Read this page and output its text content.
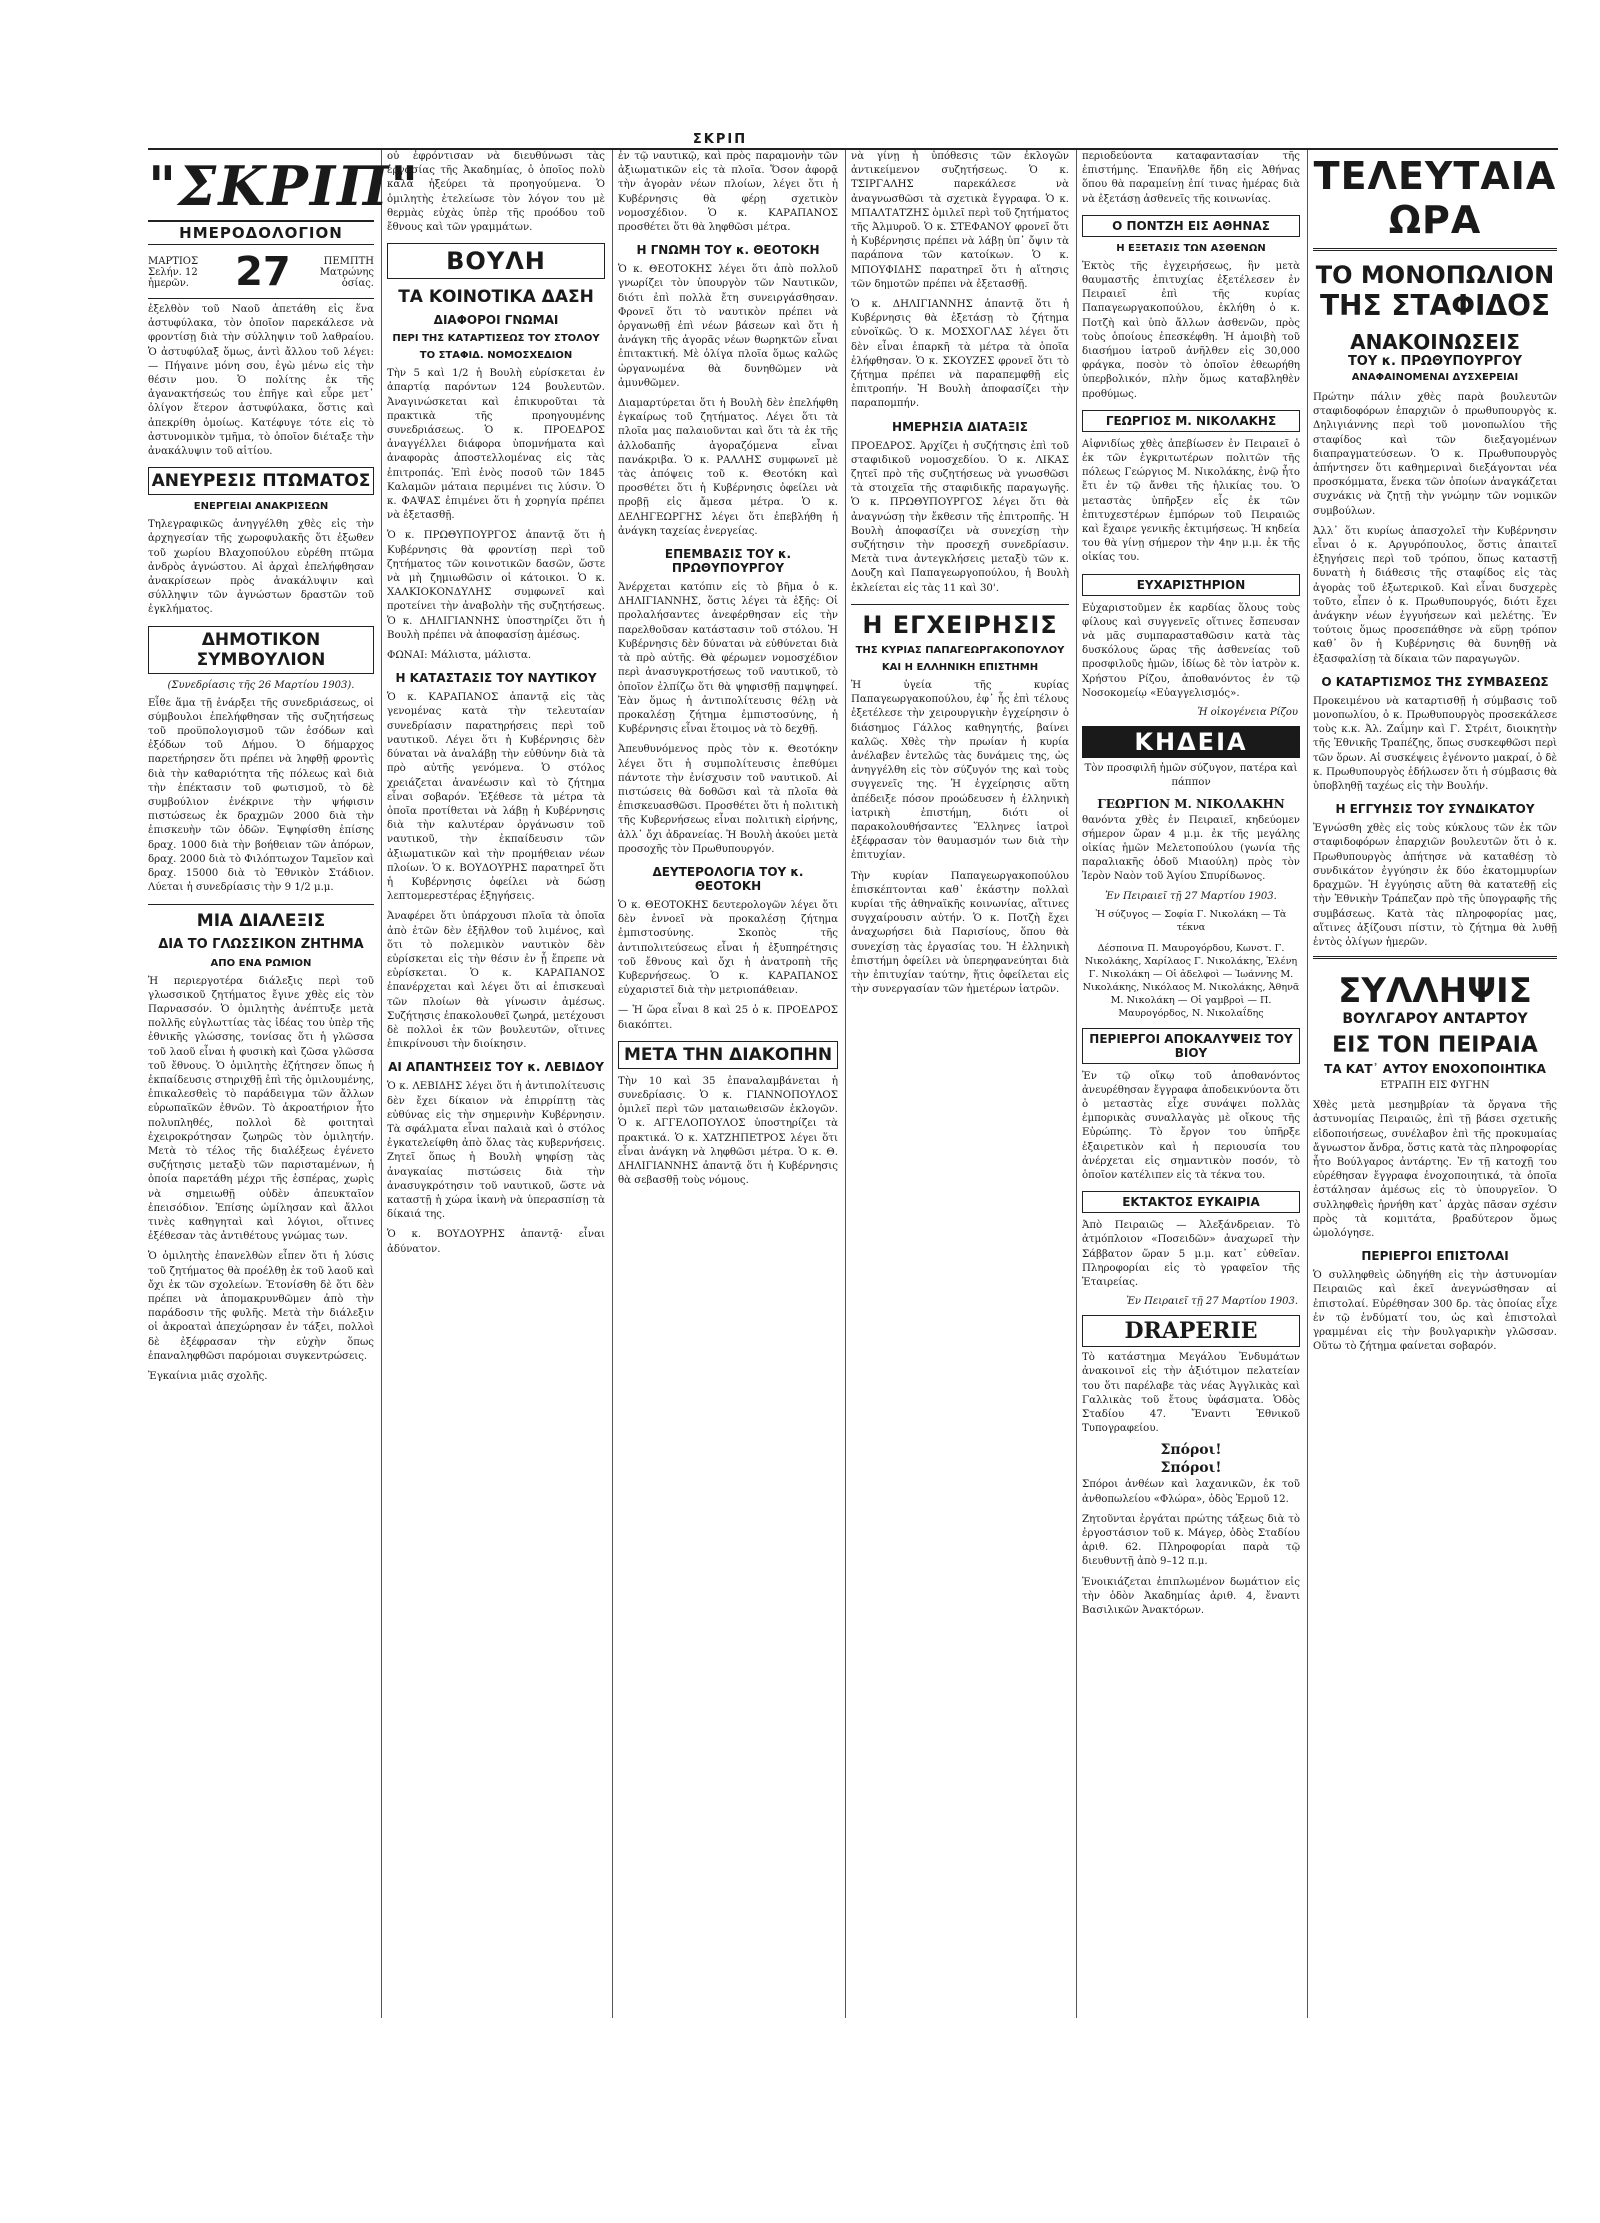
ΣΚΡΙΠ
"ΣΚΡΙΠ"
ΗΜΕΡΟΔΟΛΟΓΙΟΝ
ΜΑΡΤΙΟΣ
Σελήν. 12 ἡμερῶν.	27	ΠΕΜΠΤΗ
Ματρώνης ὁσίας.

ἐξελθὸν τοῦ Ναοῦ ἀπετάθη εἰς ἕνα ἀστυφύλακα, τὸν ὁποῖον παρεκάλεσε νὰ φροντίσῃ διὰ τὴν σύλληψιν τοῦ λαθραίου. Ὁ ἀστυφύλαξ ὅμως, ἀντὶ ἄλλου τοῦ λέγει: — Πήγαινε μόνη σου, ἐγὼ μένω εἰς τὴν θέσιν μου. Ὁ πολίτης ἐκ τῆς ἀγανακτήσεώς του ἐπῆγε καὶ εὗρε μετ᾽ ὀλίγον ἕτερον ἀστυφύλακα, ὅστις καὶ ἀπεκρίθη ὁμοίως. Κατέφυγε τότε εἰς τὸ ἀστυνομικὸν τμῆμα, τὸ ὁποῖον διέταξε τὴν ἀνακάλυψιν τοῦ αἰτίου.

ΑΝΕΥΡΕΣΙΣ ΠΤΩΜΑΤΟΣ
ΕΝΕΡΓΕΙΑΙ ΑΝΑΚΡΙΣΕΩΝ

Τηλεγραφικῶς ἀνηγγέλθη χθὲς εἰς τὴν ἀρχηγεσίαν τῆς χωροφυλακῆς ὅτι ἐξωθεν τοῦ χωρίου Βλαχοπούλου εὑρέθη πτῶμα ἀνδρὸς ἀγνώστου. Αἱ ἀρχαὶ ἐπελήφθησαν ἀνακρίσεων πρὸς ἀνακάλυψιν καὶ σύλληψιν τῶν ἀγνώστων δραστῶν τοῦ ἐγκλήματος.

ΔΗΜΟΤΙΚΟΝ ΣΥΜΒΟΥΛΙΟΝ
(Συνεδρίασις τῆς 26 Μαρτίου 1903).

Εἶθε ἅμα τῇ ἐνάρξει τῆς συνεδριάσεως, οἱ σύμβουλοι ἐπελήφθησαν τῆς συζητήσεως τοῦ προϋπολογισμοῦ τῶν ἐσόδων καὶ ἐξόδων τοῦ Δήμου. Ὁ δήμαρχος παρετήρησεν ὅτι πρέπει νὰ ληφθῇ φροντὶς διὰ τὴν καθαριότητα τῆς πόλεως καὶ διὰ τὴν ἐπέκτασιν τοῦ φωτισμοῦ, τὸ δὲ συμβούλιον ἐνέκρινε τὴν ψήφισιν πιστώσεως ἐκ δραχμῶν 2000 διὰ τὴν ἐπισκευὴν τῶν ὁδῶν. Ἐψηφίσθη ἐπίσης δραχ. 1000 διὰ τὴν βοήθειαν τῶν ἀπόρων, δραχ. 2000 διὰ τὸ Φιλόπτωχον Ταμεῖον καὶ δραχ. 15000 διὰ τὸ Ἐθνικὸν Στάδιον. Λύεται ἡ συνεδρίασις τὴν 9 1/2 μ.μ.

ΜΙΑ ΔΙΑΛΕΞΙΣ
ΔΙΑ ΤΟ ΓΛΩΣΣΙΚΟΝ ΖΗΤΗΜΑ
ΑΠΟ ΕΝΑ ΡΩΜΙΟΝ

Ἡ περιεργοτέρα διάλεξις περὶ τοῦ γλωσσικοῦ ζητήματος ἔγινε χθὲς εἰς τὸν Παρνασσόν. Ὁ ὁμιλητὴς ἀνέπτυξε μετὰ πολλῆς εὐγλωττίας τὰς ἰδέας του ὑπὲρ τῆς ἐθνικῆς γλώσσης, τονίσας ὅτι ἡ γλῶσσα τοῦ λαοῦ εἶναι ἡ φυσικὴ καὶ ζῶσα γλῶσσα τοῦ ἔθνους. Ὁ ὁμιλητὴς ἐζήτησεν ὅπως ἡ ἐκπαίδευσις στηριχθῇ ἐπὶ τῆς ὁμιλουμένης, ἐπικαλεσθεὶς τὸ παράδειγμα τῶν ἄλλων εὐρωπαϊκῶν ἐθνῶν. Τὸ ἀκροατήριον ἦτο πολυπληθές, πολλοὶ δὲ φοιτηταὶ ἐχειροκρότησαν ζωηρῶς τὸν ὁμιλητήν. Μετὰ τὸ τέλος τῆς διαλέξεως ἐγένετο συζήτησις μεταξὺ τῶν παρισταμένων, ἡ ὁποία παρετάθη μέχρι τῆς ἑσπέρας, χωρὶς νὰ σημειωθῇ οὐδὲν ἀπευκταῖον ἐπεισόδιον. Ἐπίσης ὡμίλησαν καὶ ἄλλοι τινὲς καθηγηταὶ καὶ λόγιοι, οἵτινες ἐξέθεσαν τὰς ἀντιθέτους γνώμας των.

Ὁ ὁμιλητὴς ἐπανελθὼν εἶπεν ὅτι ἡ λύσις τοῦ ζητήματος θὰ προέλθῃ ἐκ τοῦ λαοῦ καὶ ὄχι ἐκ τῶν σχολείων. Ἐτονίσθη δὲ ὅτι δὲν πρέπει νὰ ἀπομακρυνθῶμεν ἀπὸ τὴν παράδοσιν τῆς φυλῆς. Μετὰ τὴν διάλεξιν οἱ ἀκροαταὶ ἀπεχώρησαν ἐν τάξει, πολλοὶ δὲ ἐξέφρασαν τὴν εὐχὴν ὅπως ἐπαναληφθῶσι παρόμοιαι συγκεντρώσεις.

Ἐγκαίνια μιᾶς σχολῆς.

οὐ ἐφρόντισαν νὰ διευθύνωσι τὰς ἐργασίας τῆς Ἀκαδημίας, ὁ ὁποῖος πολὺ καλὰ ἠξεύρει τὰ προηγούμενα. Ὁ ὁμιλητὴς ἐτελείωσε τὸν λόγον του μὲ θερμὰς εὐχὰς ὑπὲρ τῆς προόδου τοῦ ἔθνους καὶ τῶν γραμμάτων.

ΒΟΥΛΗ
ΤΑ ΚΟΙΝΟΤΙΚΑ ΔΑΣΗ
ΔΙΑΦΟΡΟΙ ΓΝΩΜΑΙ
ΠΕΡΙ ΤΗΣ ΚΑΤΑΡΤΙΣΕΩΣ ΤΟΥ ΣΤΟΛΟΥ
ΤΟ ΣΤΑΦΙΔ. ΝΟΜΟΣΧΕΔΙΟΝ

Τὴν 5 καὶ 1/2 ἡ Βουλὴ εὑρίσκεται ἐν ἀπαρτίᾳ παρόντων 124 βουλευτῶν. Ἀναγινώσκεται καὶ ἐπικυροῦται τὰ πρακτικὰ τῆς προηγουμένης συνεδριάσεως. Ὁ κ. ΠΡΟΕΔΡΟΣ ἀναγγέλλει διάφορα ὑπομνήματα καὶ ἀναφορὰς ἀποστελλομένας εἰς τὰς ἐπιτροπάς. Ἐπὶ ἑνὸς ποσοῦ τῶν 1845 Καλαμῶν μάταια περιμένει τις λύσιν. Ὁ κ. ΦΑΨΑΣ ἐπιμένει ὅτι ἡ χορηγία πρέπει νὰ ἐξετασθῇ.

Ὁ κ. ΠΡΩΘΥΠΟΥΡΓΟΣ ἀπαντᾷ ὅτι ἡ Κυβέρνησις θὰ φροντίσῃ περὶ τοῦ ζητήματος τῶν κοινοτικῶν δασῶν, ὥστε νὰ μὴ ζημιωθῶσιν οἱ κάτοικοι. Ὁ κ. ΧΑΛΚΙΟΚΟΝΔΥΛΗΣ συμφωνεῖ καὶ προτείνει τὴν ἀναβολὴν τῆς συζητήσεως. Ὁ κ. ΔΗΛΙΓΙΑΝΝΗΣ ὑποστηρίζει ὅτι ἡ Βουλὴ πρέπει νὰ ἀποφασίσῃ ἀμέσως.

ΦΩΝΑΙ: Μάλιστα, μάλιστα.

Η ΚΑΤΑΣΤΑΣΙΣ ΤΟΥ ΝΑΥΤΙΚΟΥ

Ὁ κ. ΚΑΡΑΠΑΝΟΣ ἀπαντᾷ εἰς τὰς γενομένας κατὰ τὴν τελευταίαν συνεδρίασιν παρατηρήσεις περὶ τοῦ ναυτικοῦ. Λέγει ὅτι ἡ Κυβέρνησις δὲν δύναται νὰ ἀναλάβῃ τὴν εὐθύνην διὰ τὰ πρὸ αὐτῆς γενόμενα. Ὁ στόλος χρειάζεται ἀνανέωσιν καὶ τὸ ζήτημα εἶναι σοβαρόν. Ἐξέθεσε τὰ μέτρα τὰ ὁποῖα προτίθεται νὰ λάβῃ ἡ Κυβέρνησις διὰ τὴν καλυτέραν ὀργάνωσιν τοῦ ναυτικοῦ, τὴν ἐκπαίδευσιν τῶν ἀξιωματικῶν καὶ τὴν προμήθειαν νέων πλοίων. Ὁ κ. ΒΟΥΔΟΥΡΗΣ παρατηρεῖ ὅτι ἡ Κυβέρνησις ὀφείλει νὰ δώσῃ λεπτομερεστέρας ἐξηγήσεις.

Ἀναφέρει ὅτι ὑπάρχουσι πλοῖα τὰ ὁποῖα ἀπὸ ἐτῶν δὲν ἐξῆλθον τοῦ λιμένος, καὶ ὅτι τὸ πολεμικὸν ναυτικὸν δὲν εὑρίσκεται εἰς τὴν θέσιν ἐν ᾗ ἔπρεπε νὰ εὑρίσκεται. Ὁ κ. ΚΑΡΑΠΑΝΟΣ ἐπανέρχεται καὶ λέγει ὅτι αἱ ἐπισκευαὶ τῶν πλοίων θὰ γίνωσιν ἀμέσως. Συζήτησις ἐπακολουθεῖ ζωηρά, μετέχουσι δὲ πολλοὶ ἐκ τῶν βουλευτῶν, οἵτινες ἐπικρίνουσι τὴν διοίκησιν.

ΑΙ ΑΠΑΝΤΗΣΕΙΣ ΤΟΥ κ. ΛΕΒΙΔΟΥ

Ὁ κ. ΛΕΒΙΔΗΣ λέγει ὅτι ἡ ἀντιπολίτευσις δὲν ἔχει δίκαιον νὰ ἐπιρρίπτῃ τὰς εὐθύνας εἰς τὴν σημερινὴν Κυβέρνησιν. Τὰ σφάλματα εἶναι παλαιὰ καὶ ὁ στόλος ἐγκατελείφθη ἀπὸ ὅλας τὰς κυβερνήσεις. Ζητεῖ ὅπως ἡ Βουλὴ ψηφίσῃ τὰς ἀναγκαίας πιστώσεις διὰ τὴν ἀνασυγκρότησιν τοῦ ναυτικοῦ, ὥστε νὰ καταστῇ ἡ χώρα ἱκανὴ νὰ ὑπερασπίσῃ τὰ δίκαιά της.

Ὁ κ. ΒΟΥΔΟΥΡΗΣ ἀπαντᾷ· εἶναι ἀδύνατον.

ἐν τῷ ναυτικῷ, καὶ πρὸς παραμονὴν τῶν ἀξιωματικῶν εἰς τὰ πλοῖα. Ὅσον ἀφορᾷ τὴν ἀγορὰν νέων πλοίων, λέγει ὅτι ἡ Κυβέρνησις θὰ φέρῃ σχετικὸν νομοσχέδιον. Ὁ κ. ΚΑΡΑΠΑΝΟΣ προσθέτει ὅτι θὰ ληφθῶσι μέτρα.

Η ΓΝΩΜΗ ΤΟΥ κ. ΘΕΟΤΟΚΗ

Ὁ κ. ΘΕΟΤΟΚΗΣ λέγει ὅτι ἀπὸ πολλοῦ γνωρίζει τὸν ὑπουργὸν τῶν Ναυτικῶν, διότι ἐπὶ πολλὰ ἔτη συνειργάσθησαν. Φρονεῖ ὅτι τὸ ναυτικὸν πρέπει νὰ ὀργανωθῇ ἐπὶ νέων βάσεων καὶ ὅτι ἡ ἀνάγκη τῆς ἀγορᾶς νέων θωρηκτῶν εἶναι ἐπιτακτική. Μὲ ὀλίγα πλοῖα ὅμως καλῶς ὠργανωμένα θὰ δυνηθῶμεν νὰ ἀμυνθῶμεν.

Διαμαρτύρεται ὅτι ἡ Βουλὴ δὲν ἐπελήφθη ἐγκαίρως τοῦ ζητήματος. Λέγει ὅτι τὰ πλοῖα μας παλαιοῦνται καὶ ὅτι τὰ ἐκ τῆς ἀλλοδαπῆς ἀγοραζόμενα εἶναι πανάκριβα. Ὁ κ. ΡΑΛΛΗΣ συμφωνεῖ μὲ τὰς ἀπόψεις τοῦ κ. Θεοτόκη καὶ προσθέτει ὅτι ἡ Κυβέρνησις ὀφείλει νὰ προβῇ εἰς ἄμεσα μέτρα. Ὁ κ. ΔΕΛΗΓΕΩΡΓΗΣ λέγει ὅτι ἐπεβλήθη ἡ ἀνάγκη ταχείας ἐνεργείας.

ΕΠΕΜΒΑΣΙΣ ΤΟΥ κ. ΠΡΩΘΥΠΟΥΡΓΟΥ

Ἀνέρχεται κατόπιν εἰς τὸ βῆμα ὁ κ. ΔΗΛΙΓΙΑΝΝΗΣ, ὅστις λέγει τὰ ἑξῆς: Οἱ προλαλήσαντες ἀνεφέρθησαν εἰς τὴν παρελθοῦσαν κατάστασιν τοῦ στόλου. Ἡ Κυβέρνησις δὲν δύναται νὰ εὐθύνεται διὰ τὰ πρὸ αὐτῆς. Θὰ φέρωμεν νομοσχέδιον περὶ ἀνασυγκροτήσεως τοῦ ναυτικοῦ, τὸ ὁποῖον ἐλπίζω ὅτι θὰ ψηφισθῇ παμψηφεί. Ἐὰν ὅμως ἡ ἀντιπολίτευσις θέλῃ νὰ προκαλέσῃ ζήτημα ἐμπιστοσύνης, ἡ Κυβέρνησις εἶναι ἕτοιμος νὰ τὸ δεχθῇ.

Ἀπευθυνόμενος πρὸς τὸν κ. Θεοτόκην λέγει ὅτι ἡ συμπολίτευσις ἐπεθύμει πάντοτε τὴν ἐνίσχυσιν τοῦ ναυτικοῦ. Αἱ πιστώσεις θὰ δοθῶσι καὶ τὰ πλοῖα θὰ ἐπισκευασθῶσι. Προσθέτει ὅτι ἡ πολιτικὴ τῆς Κυβερνήσεως εἶναι πολιτικὴ εἰρήνης, ἀλλ᾽ ὄχι ἀδρανείας. Ἡ Βουλὴ ἀκούει μετὰ προσοχῆς τὸν Πρωθυπουργόν.

ΔΕΥΤΕΡΟΛΟΓΙΑ ΤΟΥ κ. ΘΕΟΤΟΚΗ

Ὁ κ. ΘΕΟΤΟΚΗΣ δευτερολογῶν λέγει ὅτι δὲν ἐννοεῖ νὰ προκαλέσῃ ζήτημα ἐμπιστοσύνης. Σκοπὸς τῆς ἀντιπολιτεύσεως εἶναι ἡ ἐξυπηρέτησις τοῦ ἔθνους καὶ ὄχι ἡ ἀνατροπὴ τῆς Κυβερνήσεως. Ὁ κ. ΚΑΡΑΠΑΝΟΣ εὐχαριστεῖ διὰ τὴν μετριοπάθειαν.

— Ἡ ὥρα εἶναι 8 καὶ 25 ὁ κ. ΠΡΟΕΔΡΟΣ διακόπτει.

ΜΕΤΑ ΤΗΝ ΔΙΑΚΟΠΗΝ

Τὴν 10 καὶ 35 ἐπαναλαμβάνεται ἡ συνεδρίασις. Ὁ κ. ΓΙΑΝΝΟΠΟΥΛΟΣ ὁμιλεῖ περὶ τῶν ματαιωθεισῶν ἐκλογῶν. Ὁ κ. ΑΓΓΕΛΟΠΟΥΛΟΣ ὑποστηρίζει τὰ πρακτικά. Ὁ κ. ΧΑΤΖΗΠΕΤΡΟΣ λέγει ὅτι εἶναι ἀνάγκη νὰ ληφθῶσι μέτρα. Ὁ κ. Θ. ΔΗΛΙΓΙΑΝΝΗΣ ἀπαντᾷ ὅτι ἡ Κυβέρνησις θὰ σεβασθῇ τοὺς νόμους.

νὰ γίνῃ ἡ ὑπόθεσις τῶν ἐκλογῶν ἀντικείμενον συζητήσεως. Ὁ κ. ΤΣΙΡΓΑΛΗΣ παρεκάλεσε νὰ ἀναγνωσθῶσι τὰ σχετικὰ ἔγγραφα. Ὁ κ. ΜΠΑΛΤΑΤΖΗΣ ὁμιλεῖ περὶ τοῦ ζητήματος τῆς Ἀλμυροῦ. Ὁ κ. ΣΤΕΦΑΝΟΥ φρονεῖ ὅτι ἡ Κυβέρνησις πρέπει νὰ λάβῃ ὑπ᾽ ὄψιν τὰ παράπονα τῶν κατοίκων. Ὁ κ. ΜΠΟΥΦΙΔΗΣ παρατηρεῖ ὅτι ἡ αἴτησις τῶν δημοτῶν πρέπει νὰ ἐξετασθῇ.

Ὁ κ. ΔΗΛΙΓΙΑΝΝΗΣ ἀπαντᾷ ὅτι ἡ Κυβέρνησις θὰ ἐξετάσῃ τὸ ζήτημα εὐνοϊκῶς. Ὁ κ. ΜΟΣΧΟΓΛΑΣ λέγει ὅτι δὲν εἶναι ἐπαρκῆ τὰ μέτρα τὰ ὁποῖα ἐλήφθησαν. Ὁ κ. ΣΚΟΥΖΕΣ φρονεῖ ὅτι τὸ ζήτημα πρέπει νὰ παραπεμφθῇ εἰς ἐπιτροπήν. Ἡ Βουλὴ ἀποφασίζει τὴν παραπομπήν.

ΗΜΕΡΗΣΙΑ ΔΙΑΤΑΞΙΣ

ΠΡΟΕΔΡΟΣ. Ἀρχίζει ἡ συζήτησις ἐπὶ τοῦ σταφιδικοῦ νομοσχεδίου. Ὁ κ. ΛΙΚΑΣ ζητεῖ πρὸ τῆς συζητήσεως νὰ γνωσθῶσι τὰ στοιχεῖα τῆς σταφιδικῆς παραγωγῆς. Ὁ κ. ΠΡΩΘΥΠΟΥΡΓΟΣ λέγει ὅτι θὰ ἀναγνώσῃ τὴν ἔκθεσιν τῆς ἐπιτροπῆς. Ἡ Βουλὴ ἀποφασίζει νὰ συνεχίσῃ τὴν συζήτησιν τὴν προσεχῆ συνεδρίασιν. Μετὰ τινα ἀντεγκλήσεις μεταξὺ τῶν κ. Δουζη καὶ Παπαγεωργοπούλου, ἡ Βουλὴ ἐκλείεται εἰς τὰς 11 καὶ 30'.

Η ΕΓΧΕΙΡΗΣΙΣ
ΤΗΣ ΚΥΡΙΑΣ ΠΑΠΑΓΕΩΡΓΑΚΟΠΟΥΛΟΥ
ΚΑΙ Η ΕΛΛΗΝΙΚΗ ΕΠΙΣΤΗΜΗ

Ἡ ὑγεία τῆς κυρίας Παπαγεωργακοπούλου, ἐφ᾽ ἧς ἐπὶ τέλους ἐξετέλεσε τὴν χειρουργικὴν ἐγχείρησιν ὁ διάσημος Γάλλος καθηγητής, βαίνει καλῶς. Χθὲς τὴν πρωίαν ἡ κυρία ἀνέλαβεν ἐντελῶς τὰς δυνάμεις της, ὡς ἀνηγγέλθη εἰς τὸν σύζυγόν της καὶ τοὺς συγγενεῖς της. Ἡ ἐγχείρησις αὕτη ἀπέδειξε πόσον προώδευσεν ἡ ἑλληνικὴ ἰατρικὴ ἐπιστήμη, διότι οἱ παρακολουθήσαντες Ἕλληνες ἰατροὶ ἐξέφρασαν τὸν θαυμασμόν των διὰ τὴν ἐπιτυχίαν.

Τὴν κυρίαν Παπαγεωργακοπούλου ἐπισκέπτονται καθ᾽ ἑκάστην πολλαὶ κυρίαι τῆς ἀθηναϊκῆς κοινωνίας, αἵτινες συγχαίρουσιν αὐτήν. Ὁ κ. Ποτζὴ ἔχει ἀναχωρήσει διὰ Παρισίους, ὅπου θὰ συνεχίσῃ τὰς ἐργασίας του. Ἡ ἑλληνικὴ ἐπιστήμη ὀφείλει νὰ ὑπερηφανεύηται διὰ τὴν ἐπιτυχίαν ταύτην, ἥτις ὀφείλεται εἰς τὴν συνεργασίαν τῶν ἡμετέρων ἰατρῶν.

περιοδεύοντα καταφαντασίαν τῆς ἐπιστήμης. Ἐπανῆλθε ἤδη εἰς Ἀθήνας ὅπου θὰ παραμείνῃ ἐπί τινας ἡμέρας διὰ νὰ ἐξετάσῃ ἀσθενεῖς τῆς κοινωνίας.

Ο ΠΟΝΤΖΗ ΕΙΣ ΑΘΗΝΑΣ
Η ΕΞΕΤΑΣΙΣ ΤΩΝ ΑΣΘΕΝΩΝ

Ἐκτὸς τῆς ἐγχειρήσεως, ἣν μετὰ θαυμαστῆς ἐπιτυχίας ἐξετέλεσεν ἐν Πειραιεῖ ἐπὶ τῆς κυρίας Παπαγεωργακοπούλου, ἐκλήθη ὁ κ. Ποτζὴ καὶ ὑπὸ ἄλλων ἀσθενῶν, πρὸς τοὺς ὁποίους ἐπεσκέφθη. Ἡ ἀμοιβὴ τοῦ διασήμου ἰατροῦ ἀνῆλθεν εἰς 30,000 φράγκα, ποσὸν τὸ ὁποῖον ἐθεωρήθη ὑπερβολικόν, πλὴν ὅμως καταβληθὲν προθύμως.

ΓΕΩΡΓΙΟΣ Μ. ΝΙΚΟΛΑΚΗΣ

Αἰφνιδίως χθὲς ἀπεβίωσεν ἐν Πειραιεῖ ὁ ἐκ τῶν ἐγκριτωτέρων πολιτῶν τῆς πόλεως Γεώργιος Μ. Νικολάκης, ἐνῷ ἦτο ἔτι ἐν τῷ ἄνθει τῆς ἡλικίας του. Ὁ μεταστὰς ὑπῆρξεν εἷς ἐκ τῶν ἐπιτυχεστέρων ἐμπόρων τοῦ Πειραιῶς καὶ ἔχαιρε γενικῆς ἐκτιμήσεως. Ἡ κηδεία του θὰ γίνῃ σήμερον τὴν 4ην μ.μ. ἐκ τῆς οἰκίας του.

ΕΥΧΑΡΙΣΤΗΡΙΟΝ

Εὐχαριστοῦμεν ἐκ καρδίας ὅλους τοὺς φίλους καὶ συγγενεῖς οἵτινες ἔσπευσαν νὰ μᾶς συμπαρασταθῶσιν κατὰ τὰς δυσκόλους ὥρας τῆς ἀσθενείας τοῦ προσφιλοῦς ἡμῶν, ἰδίως δὲ τὸν ἰατρὸν κ. Χρήστου Ρίζου, ἀποθανόντος ἐν τῷ Νοσοκομείῳ «Εὐαγγελισμός».

Ἡ οἰκογένεια Ρίζου
ΚΗΔΕΙΑ

Τὸν προσφιλῆ ἡμῶν σύζυγον, πατέρα καὶ πάππον

ΓΕΩΡΓΙΟΝ Μ. ΝΙΚΟΛΑΚΗΝ

θανόντα χθὲς ἐν Πειραιεῖ, κηδεύομεν σήμερον ὥραν 4 μ.μ. ἐκ τῆς μεγάλης οἰκίας ἡμῶν Μελετοπούλου (γωνία τῆς παραλιακῆς ὁδοῦ Μιαούλη) πρὸς τὸν Ἱερὸν Ναὸν τοῦ Ἁγίου Σπυρίδωνος.

Ἐν Πειραιεῖ τῇ 27 Μαρτίου 1903.
Ἡ σύζυγος — Σοφία Γ. Νικολάκη — Τὰ τέκνα
Δέσποινα Π. Μαυρογόρδου, Κωνστ. Γ. Νικολάκης, Χαρίλαος Γ. Νικολάκης, Ἑλένη Γ. Νικολάκη — Οἱ ἀδελφοὶ — Ἰωάννης Μ. Νικολάκης, Νικόλαος Μ. Νικολάκης, Ἀθηνᾶ Μ. Νικολάκη — Οἱ γαμβροὶ — Π. Μαυρογόρδος, Ν. Νικολαΐδης
ΠΕΡΙΕΡΓΟΙ ΑΠΟΚΑΛΥΨΕΙΣ ΤΟΥ ΒΙΟΥ

Ἐν τῷ οἴκῳ τοῦ ἀποθανόντος ἀνευρέθησαν ἔγγραφα ἀποδεικνύοντα ὅτι ὁ μεταστὰς εἶχε συνάψει πολλὰς ἐμπορικὰς συναλλαγὰς μὲ οἴκους τῆς Εὐρώπης. Τὸ ἔργον του ὑπῆρξε ἐξαιρετικὸν καὶ ἡ περιουσία του ἀνέρχεται εἰς σημαντικὸν ποσόν, τὸ ὁποῖον κατέλιπεν εἰς τὰ τέκνα του.

ΕΚΤΑΚΤΟΣ ΕΥΚΑΙΡΙΑ

Ἀπὸ Πειραιῶς — Ἀλεξάνδρειαν. Τὸ ἀτμόπλοιον «Ποσειδῶν» ἀναχωρεῖ τὴν Σάββατον ὥραν 5 μ.μ. κατ᾽ εὐθεῖαν. Πληροφορίαι εἰς τὸ γραφεῖον τῆς Ἑταιρείας.

Ἐν Πειραιεῖ τῇ 27 Μαρτίου 1903.
DRAPERIE

Τὸ κατάστημα Μεγάλου Ἐνδυμάτων ἀνακοινοῖ εἰς τὴν ἀξιότιμον πελατείαν του ὅτι παρέλαβε τὰς νέας Ἀγγλικὰς καὶ Γαλλικὰς τοῦ ἔτους ὑφάσματα. Ὁδὸς Σταδίου 47. Ἔναντι Ἐθνικοῦ Τυπογραφείου.

Σπόροι!
Σπόροι!

Σπόροι ἀνθέων καὶ λαχανικῶν, ἐκ τοῦ ἀνθοπωλείου «Φλώρα», ὁδὸς Ἑρμοῦ 12.

Ζητοῦνται ἐργάται πρώτης τάξεως διὰ τὸ ἐργοστάσιον τοῦ κ. Μάγερ, ὁδὸς Σταδίου ἀριθ. 62. Πληροφορίαι παρὰ τῷ διευθυντῇ ἀπὸ 9–12 π.μ.

Ἐνοικιάζεται ἐπιπλωμένον δωμάτιον εἰς τὴν ὁδὸν Ἀκαδημίας ἀριθ. 4, ἔναντι Βασιλικῶν Ἀνακτόρων.

ΤΕΛΕΥΤΑΙΑ ΩΡΑ
ΤΟ ΜΟΝΟΠΩΛΙΟΝ
ΤΗΣ ΣΤΑΦΙΔΟΣ
ΑΝΑΚΟΙΝΩΣΕΙΣ
ΤΟΥ κ. ΠΡΩΘΥΠΟΥΡΓΟΥ
ΑΝΑΦΑΙΝΟΜΕΝΑΙ ΔΥΣΧΕΡΕΙΑΙ

Πρώτην πάλιν χθὲς παρὰ βουλευτῶν σταφιδοφόρων ἐπαρχιῶν ὁ πρωθυπουργὸς κ. Δηλιγιάννης περὶ τοῦ μονοπωλίου τῆς σταφίδος καὶ τῶν διεξαγομένων διαπραγματεύσεων. Ὁ κ. Πρωθυπουργὸς ἀπήντησεν ὅτι καθημεριναὶ διεξάγονται νέα προσκόμματα, ἕνεκα τῶν ὁποίων ἀναγκάζεται συχνάκις νὰ ζητῇ τὴν γνώμην τῶν νομικῶν συμβούλων.

Ἀλλ᾽ ὅτι κυρίως ἀπασχολεῖ τὴν Κυβέρνησιν εἶναι ὁ κ. Αργυρόπουλος, ὅστις ἀπαιτεῖ ἐξηγήσεις περὶ τοῦ τρόπου, ὅπως καταστῇ δυνατὴ ἡ διάθεσις τῆς σταφίδος εἰς τὰς ἀγορὰς τοῦ ἐξωτερικοῦ. Καὶ εἶναι δυσχερὲς τοῦτο, εἶπεν ὁ κ. Πρωθυπουργός, διότι ἔχει ἀνάγκην νέων ἐγγυήσεων καὶ μελέτης. Ἐν τούτοις ὅμως προσεπάθησε νὰ εὕρῃ τρόπον καθ᾽ ὃν ἡ Κυβέρνησις θὰ δυνηθῇ νὰ ἐξασφαλίσῃ τὰ δίκαια τῶν παραγωγῶν.

Ο ΚΑΤΑΡΤΙΣΜΟΣ ΤΗΣ ΣΥΜΒΑΣΕΩΣ

Προκειμένου νὰ καταρτισθῇ ἡ σύμβασις τοῦ μονοπωλίου, ὁ κ. Πρωθυπουργὸς προσεκάλεσε τοὺς κ.κ. Ἀλ. Ζαΐμην καὶ Γ. Στρέιτ, διοικητὴν τῆς Ἐθνικῆς Τραπέζης, ὅπως συσκεφθῶσι περὶ τῶν ὅρων. Αἱ συσκέψεις ἐγένοντο μακραί, ὁ δὲ κ. Πρωθυπουργὸς ἐδήλωσεν ὅτι ἡ σύμβασις θὰ ὑποβληθῇ ταχέως εἰς τὴν Βουλήν.

Η ΕΓΓΥΗΣΙΣ ΤΟΥ ΣΥΝΔΙΚΑΤΟΥ

Ἐγνώσθη χθὲς εἰς τοὺς κύκλους τῶν ἐκ τῶν σταφιδοφόρων ἐπαρχιῶν βουλευτῶν ὅτι ὁ κ. Πρωθυπουργὸς ἀπήτησε νὰ καταθέσῃ τὸ συνδικάτον ἐγγύησιν ἐκ δύο ἑκατομμυρίων δραχμῶν. Ἡ ἐγγύησις αὕτη θὰ κατατεθῇ εἰς τὴν Ἐθνικὴν Τράπεζαν πρὸ τῆς ὑπογραφῆς τῆς συμβάσεως. Κατὰ τὰς πληροφορίας μας, αἵτινες ἀξίζουσι πίστιν, τὸ ζήτημα θὰ λυθῇ ἐντὸς ὀλίγων ἡμερῶν.

ΣΥΛΛΗΨΙΣ
ΒΟΥΛΓΑΡΟΥ ΑΝΤΑΡΤΟΥ
ΕΙΣ ΤΟΝ ΠΕΙΡΑΙΑ
ΤΑ ΚΑΤ᾽ ΑΥΤΟΥ ΕΝΟΧΟΠΟΙΗΤΙΚΑ
ΕΤΡΑΠΗ ΕΙΣ ΦΥΓΗΝ

Χθὲς μετὰ μεσημβρίαν τὰ ὄργανα τῆς ἀστυνομίας Πειραιῶς, ἐπὶ τῇ βάσει σχετικῆς εἰδοποιήσεως, συνέλαβον ἐπὶ τῆς προκυμαίας ἄγνωστον ἄνδρα, ὅστις κατὰ τὰς πληροφορίας ἦτο Βούλγαρος ἀντάρτης. Ἐν τῇ κατοχῇ του εὑρέθησαν ἔγγραφα ἐνοχοποιητικά, τὰ ὁποῖα ἐστάλησαν ἀμέσως εἰς τὸ ὑπουργεῖον. Ὁ συλληφθεὶς ἠρνήθη κατ᾽ ἀρχὰς πᾶσαν σχέσιν πρὸς τὰ κομιτάτα, βραδύτερον ὅμως ὡμολόγησε.

ΠΕΡΙΕΡΓΟΙ ΕΠΙΣΤΟΛΑΙ

Ὁ συλληφθεὶς ὡδηγήθη εἰς τὴν ἀστυνομίαν Πειραιῶς καὶ ἐκεῖ ἀνεγνώσθησαν αἱ ἐπιστολαί. Εὑρέθησαν 300 δρ. τὰς ὁποίας εἶχε ἐν τῷ ἐνδύματί του, ὡς καὶ ἐπιστολαὶ γραμμέναι εἰς τὴν βουλγαρικὴν γλῶσσαν. Οὕτω τὸ ζήτημα φαίνεται σοβαρόν.
